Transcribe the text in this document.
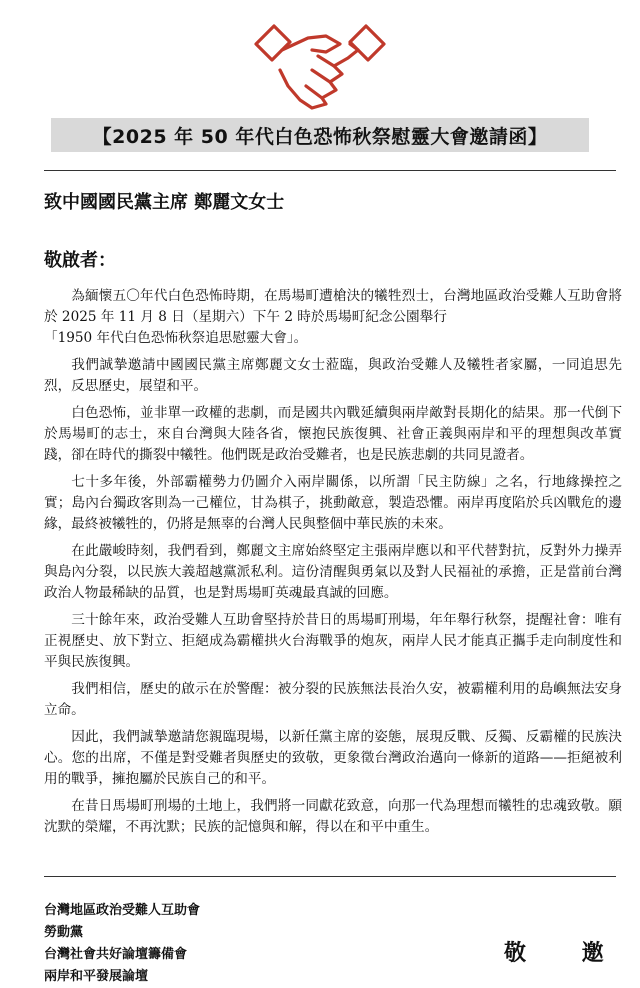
【2025 年 50 年代白色恐怖秋祭慰靈大會邀請函】
致中國國民黨主席 鄭麗文女士
敬啟者：

為緬懷五〇年代白色恐怖時期，在馬場町遭槍決的犧牲烈士，台灣地區政治受難人互助會將於 2025 年 11 月 8 日（星期六）下午 2 時於馬場町紀念公園舉行

「1950 年代白色恐怖秋祭追思慰靈大會」。

我們誠摯邀請中國國民黨主席鄭麗文女士蒞臨，與政治受難人及犧牲者家屬，一同追思先烈，反思歷史，展望和平。

白色恐怖，並非單一政權的悲劇，而是國共內戰延續與兩岸敵對長期化的結果。那一代倒下於馬場町的志士，來自台灣與大陸各省，懷抱民族復興、社會正義與兩岸和平的理想與改革實踐，卻在時代的撕裂中犧牲。他們既是政治受難者，也是民族悲劇的共同見證者。

七十多年後，外部霸權勢力仍圖介入兩岸關係，以所謂「民主防線」之名，行地緣操控之實；島內台獨政客則為一己權位，甘為棋子，挑動敵意，製造恐懼。兩岸再度陷於兵凶戰危的邊緣，最終被犧牲的，仍將是無辜的台灣人民與整個中華民族的未來。

在此嚴峻時刻，我們看到，鄭麗文主席始終堅定主張兩岸應以和平代替對抗，反對外力操弄與島內分裂，以民族大義超越黨派私利。這份清醒與勇氣以及對人民福祉的承擔，正是當前台灣政治人物最稀缺的品質，也是對馬場町英魂最真誠的回應。

三十餘年來，政治受難人互助會堅持於昔日的馬場町刑場，年年舉行秋祭，提醒社會：唯有正視歷史、放下對立、拒絕成為霸權拱火台海戰爭的炮灰，兩岸人民才能真正攜手走向制度性和平與民族復興。

我們相信，歷史的啟示在於警醒：被分裂的民族無法長治久安，被霸權利用的島嶼無法安身立命。

因此，我們誠摯邀請您親臨現場，以新任黨主席的姿態，展現反戰、反獨、反霸權的民族決心。您的出席，不僅是對受難者與歷史的致敬，更象徵台灣政治邁向一條新的道路——拒絕被利用的戰爭，擁抱屬於民族自己的和平。

在昔日馬場町刑場的土地上，我們將一同獻花致意，向那一代為理想而犧牲的忠魂致敬。願沈默的榮耀，不再沈默；民族的記憶與和解，得以在和平中重生。

台灣地區政治受難人互助會
勞動黨
台灣社會共好論壇籌備會
兩岸和平發展論壇
敬 邀
